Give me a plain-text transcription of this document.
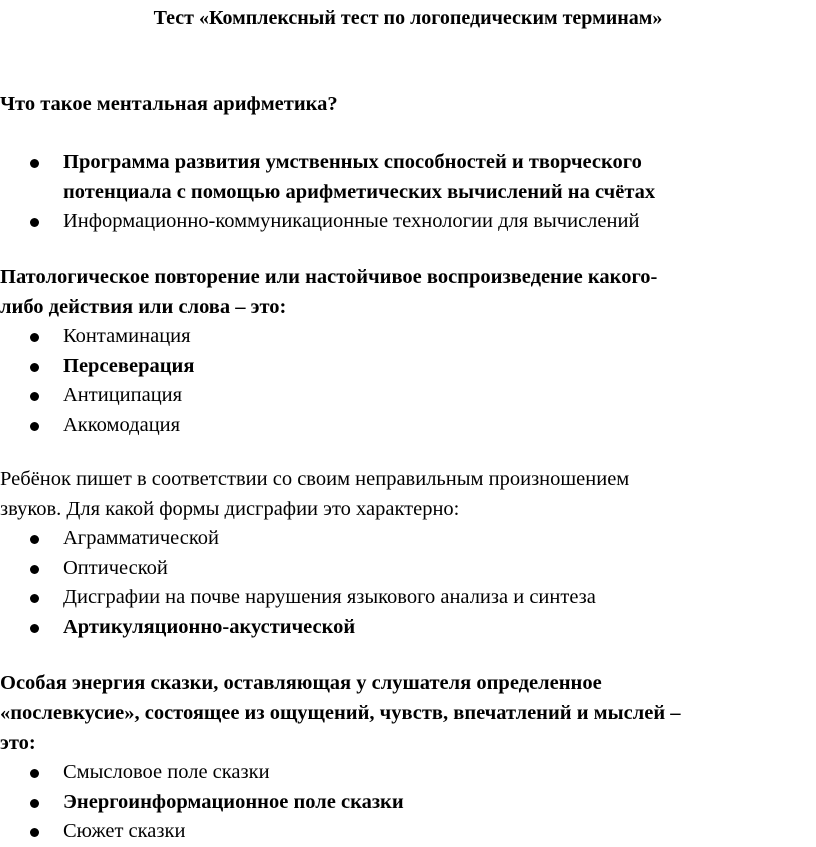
Тест «Комплексный тест по логопедическим терминам»

Что такое ментальная арифметика?

Программа развития умственных способностей и творческого
потенциала с помощью арифметических вычислений на счётах
Информационно-коммуникационные технологии для вычислений

Патологическое повторение или настойчивое воспроизведение какого-
либо действия или слова – это:

Контаминация
Персеверация
Антиципация
Аккомодация

Ребёнок пишет в соответствии со своим неправильным произношением
звуков. Для какой формы дисграфии это характерно:

Аграмматической
Оптической
Дисграфии на почве нарушения языкового анализа и синтеза
Артикуляционно-акустической

Особая энергия сказки, оставляющая у слушателя определенное
«послевкусие», состоящее из ощущений, чувств, впечатлений и мыслей –
это:

Смысловое поле сказки
Энергоинформационное поле сказки
Сюжет сказки
